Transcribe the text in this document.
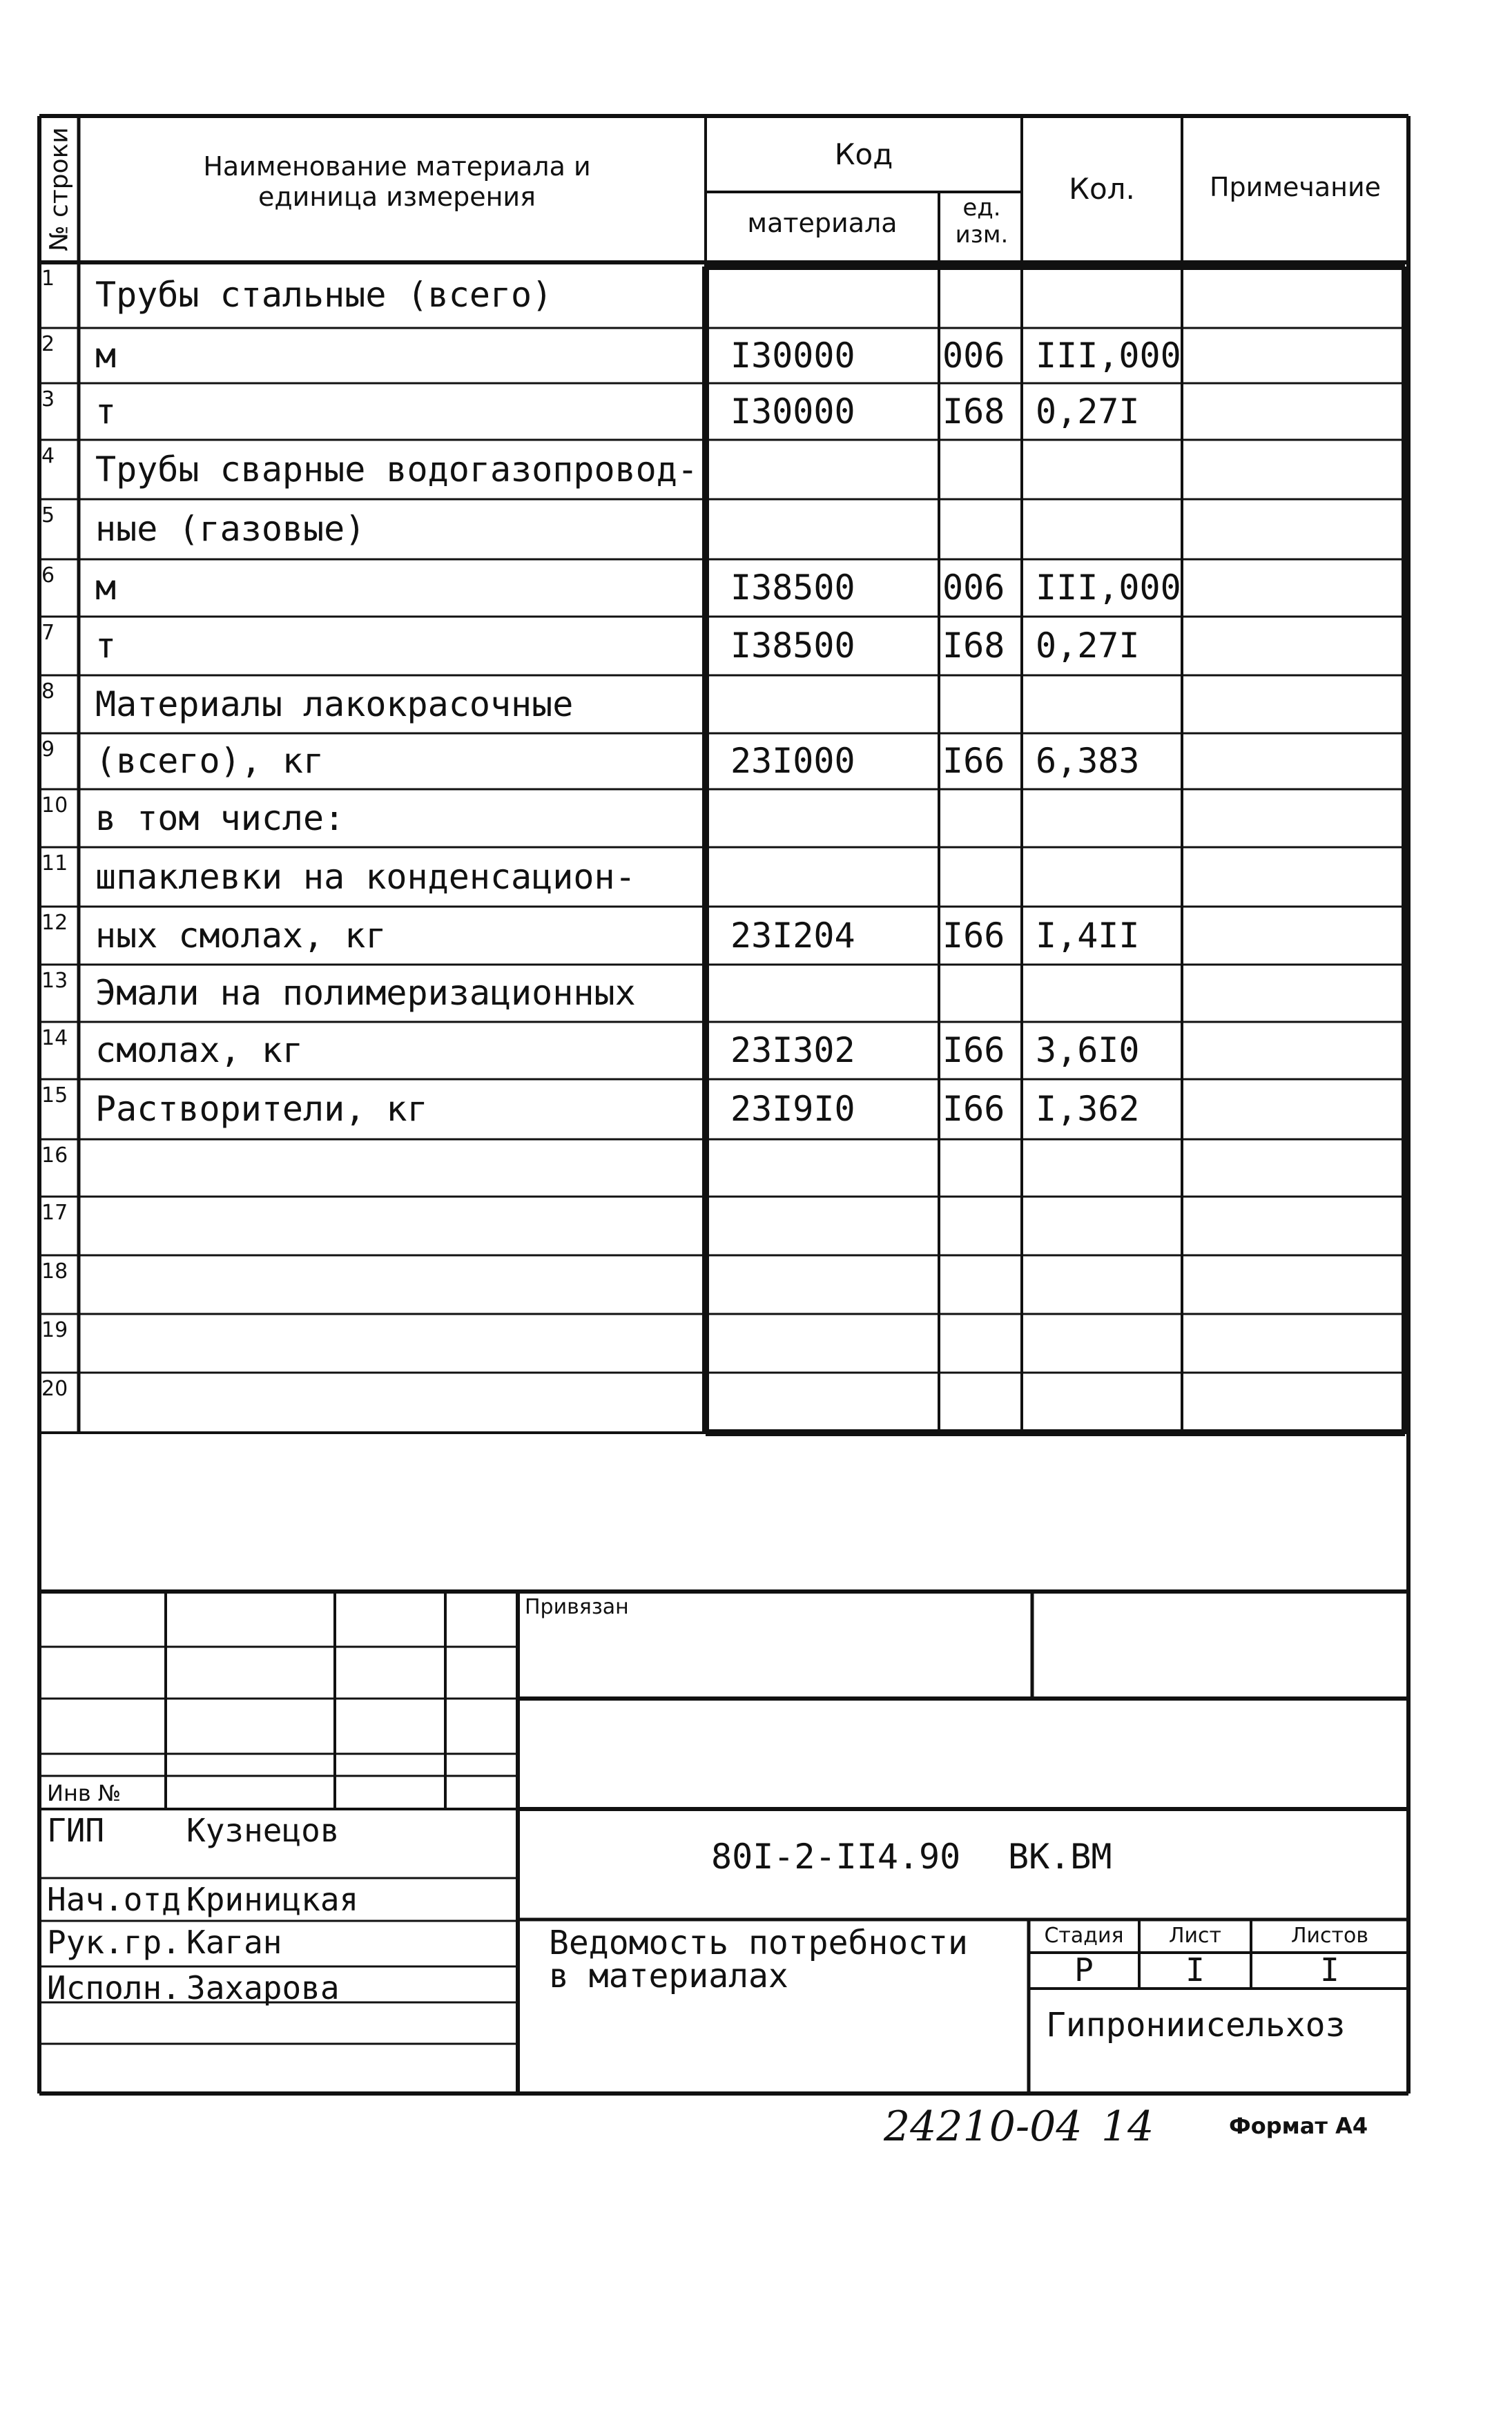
№ строки	Наименование материала и единица измерения
Код
материала	ед. изм.
Кол.	Примечание
1	Трубы стальные (всего)
2	м	I30000	006 III,000
3	т	I30000	I68 0,27I
4	Трубы сварные водогазопровод-
5	ные (газовые)
6	м	I38500	006 III,000
7	т	I38500	I68 0,27I
8	Материалы лакокрасочные
9	(всего), кг	23I000	I66 6,383
10 в том числе:
11 шпаклевки на конденсацион-
12 ных смолах, кг	23I204	I66 I,4II
13 Эмали на полимеризационных
14 смолах, кг	23I302	I66 3,6I0
15 Растворители, кг	23I9I0	I66 I,362
16
17
18
19
20
Привязан
Инв №
ГИП	Кузнецов
Нач.отд.
Криницкая
Рук.гр. Каган
Исполн. Захарова
80I-2-II4.90 ВК.ВМ
Ведомость потребности в материалах
Стадия	Лист	Листов
Р	I	I
Гипрониисельхоз
24210-04 14	Формат А4
